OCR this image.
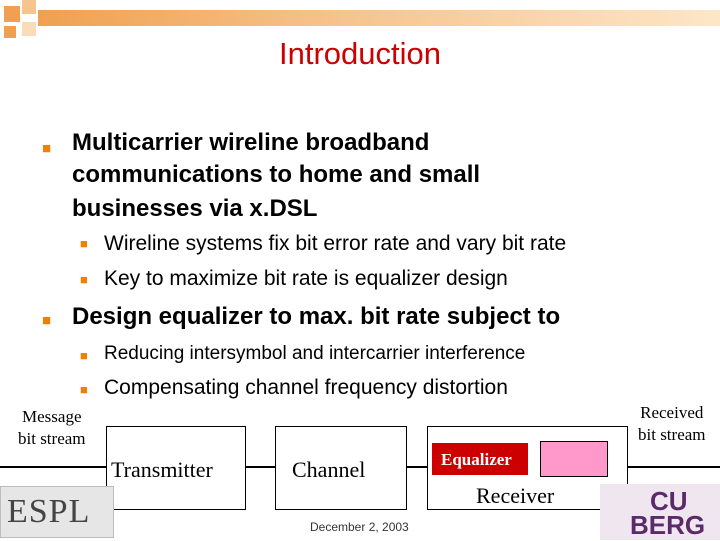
Introduction
■ Multicarrier wireline broadband
communications to home and small
businesses via x.DSL
■ Wireline systems fix bit error rate and vary bit rate
■ Key to maximize bit rate is equalizer design
■ Design equalizer to max. bit rate subject to
■ Reducing intersymbol and intercarrier interference
■ Compensating channel frequency distortion
Message
bit stream
Received
bit stream
Transmitter	Channel
Receiver
Equalizer
December 2, 2003
ESPL	CU
BERG
